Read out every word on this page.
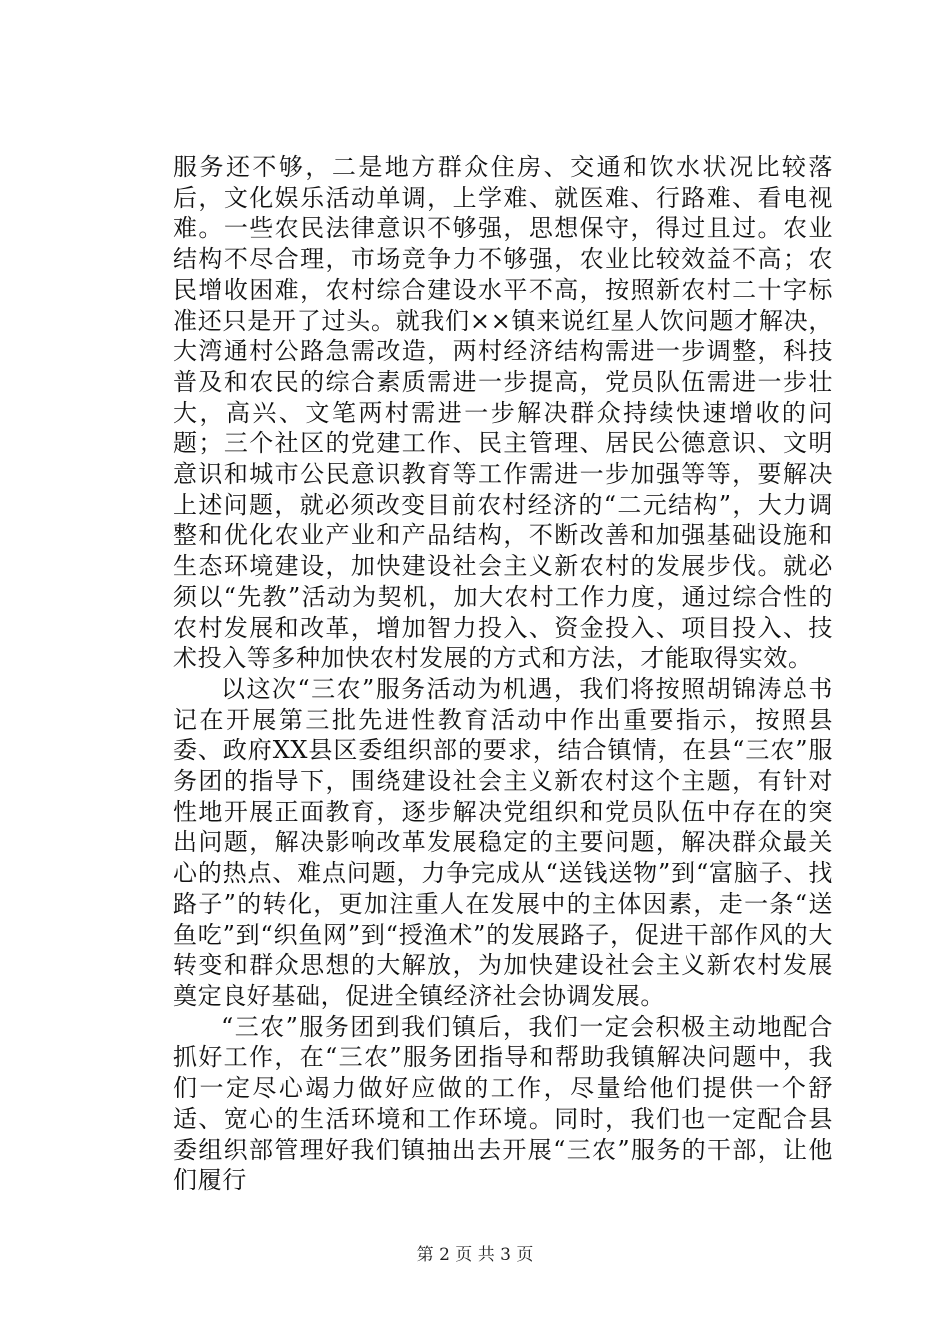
服务还不够，二是地方群众住房、交通和饮水状况比较落后，文化娱乐活动单调，上学难、就医难、行路难、看电视难。一些农民法律意识不够强，思想保守，得过且过。农业结构不尽合理，市场竞争力不够强，农业比较效益不高；农民增收困难，农村综合建设水平不高，按照新农村二十字标准还只是开了过头。就我们××镇来说红星人饮问题才解决，大湾通村公路急需改造，两村经济结构需进一步调整，科技普及和农民的综合素质需进一步提高，党员队伍需进一步壮大，高兴、文笔两村需进一步解决群众持续快速增收的问题；三个社区的党建工作、民主管理、居民公德意识、文明意识和城市公民意识教育等工作需进一步加强等等，要解决上述问题，就必须改变目前农村经济的“二元结构”，大力调整和优化农业产业和产品结构，不断改善和加强基础设施和生态环境建设，加快建设社会主义新农村的发展步伐。就必须以“先教”活动为契机，加大农村工作力度，通过综合性的农村发展和改革，增加智力投入、资金投入、项目投入、技术投入等多种加快农村发展的方式和方法，才能取得实效。

以这次“三农”服务活动为机遇，我们将按照胡锦涛总书记在开展第三批先进性教育活动中作出重要指示，按照县委、政府XX县区委组织部的要求，结合镇情，在县“三农”服务团的指导下，围绕建设社会主义新农村这个主题，有针对性地开展正面教育，逐步解决党组织和党员队伍中存在的突出问题，解决影响改革发展稳定的主要问题，解决群众最关心的热点、难点问题，力争完成从“送钱送物”到“富脑子、找路子”的转化，更加注重人在发展中的主体因素，走一条“送鱼吃”到“织鱼网”到“授渔术”的发展路子，促进干部作风的大转变和群众思想的大解放，为加快建设社会主义新农村发展奠定良好基础，促进全镇经济社会协调发展。

“三农”服务团到我们镇后，我们一定会积极主动地配合抓好工作，在“三农”服务团指导和帮助我镇解决问题中，我们一定尽心竭力做好应做的工作，尽量给他们提供一个舒适、宽心的生活环境和工作环境。同时，我们也一定配合县委组织部管理好我们镇抽出去开展“三农”服务的干部，让他们履行

第 2 页 共 3 页
